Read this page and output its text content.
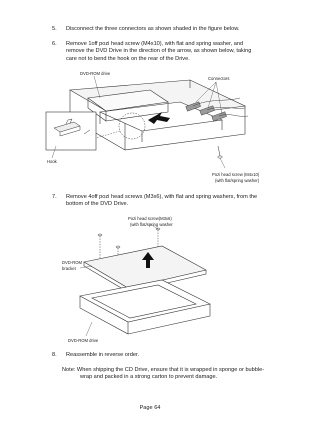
5. Disconnect the three connectors as shown shaded in the figure below.
6. Remove 1off pozi head screw (M4x10), with flat and spring washer, and
remove the DVD Drive in the direction of the arrow, as shown below, taking
care not to bend the hook on the rear of the Drive.
DVD-ROM drive
Connectors
Hook
Pozi head screw (M4x10)
(with flat/spring washer)
7. Remove 4off pozi head screws (M3x6), with flat and spring washers, from the
bottom of the DVD Drive.
Pozi head screw(M3x6)
(with flat/spring washer
DVD-ROM
bracket
DVD-ROM drive
8. Reassemble in reverse order.
Note: When shipping the CD Drive, ensure that it is wrapped in sponge or bubble-
wrap and packed in a strong carton to prevent damage.
Page 64
